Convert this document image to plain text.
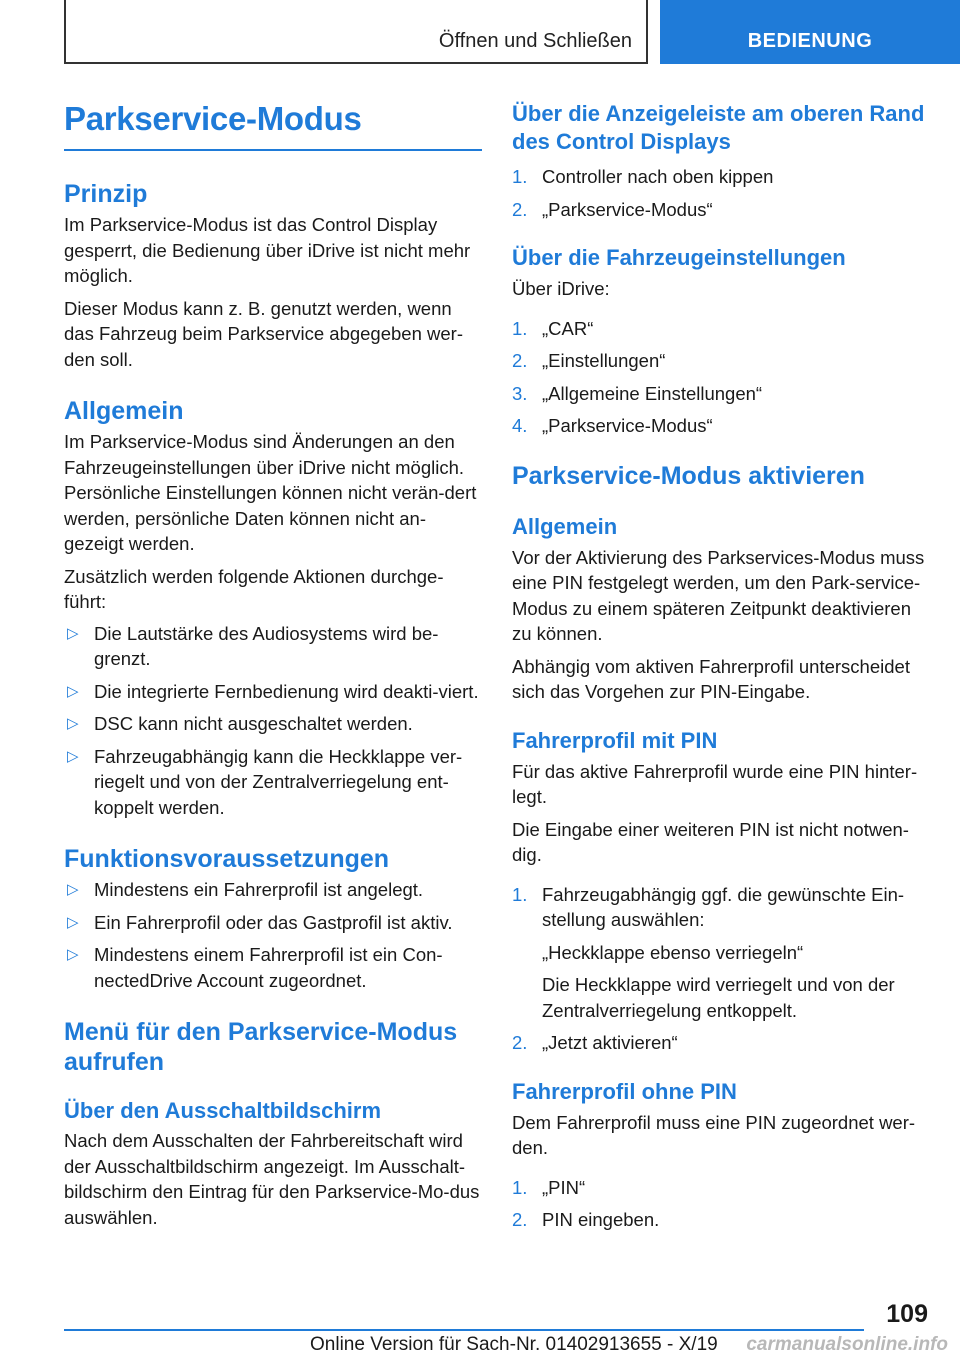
Öffnen und Schließen	BEDIENUNG
Parkservice-Modus
Prinzip

Im Parkservice-Modus ist das Control Display gesperrt, die Bedienung über iDrive ist nicht mehr möglich.

Dieser Modus kann z. B. genutzt werden, wenn das Fahrzeug beim Parkservice abgegeben wer‐den soll.

Allgemein

Im Parkservice-Modus sind Änderungen an den Fahrzeugeinstellungen über iDrive nicht möglich. Persönliche Einstellungen können nicht verän‐dert werden, persönliche Daten können nicht an‐gezeigt werden.

Zusätzlich werden folgende Aktionen durchge‐führt:

▷ Die Lautstärke des Audiosystems wird be‐grenzt.
▷ Die integrierte Fernbedienung wird deakti‐viert.
▷ DSC kann nicht ausgeschaltet werden.
▷ Fahrzeugabhängig kann die Heckklappe ver‐riegelt und von der Zentralverriegelung ent‐koppelt werden.
Funktionsvoraussetzungen
▷ Mindestens ein Fahrerprofil ist angelegt.
▷ Ein Fahrerprofil oder das Gastprofil ist aktiv.
▷ Mindestens einem Fahrerprofil ist ein Con‐nectedDrive Account zugeordnet.
Menü für den Parkservice-Modus aufrufen
Über den Ausschaltbildschirm

Nach dem Ausschalten der Fahrbereitschaft wird der Ausschaltbildschirm angezeigt. Im Ausschalt‐bildschirm den Eintrag für den Parkservice-Mo‐dus auswählen.

Über die Anzeigeleiste am oberen Rand des Control Displays
1. Controller nach oben kippen
2. „Parkservice-Modus“
Über die Fahrzeugeinstellungen

Über iDrive:

1. „CAR“
2. „Einstellungen“
3. „Allgemeine Einstellungen“
4. „Parkservice-Modus“
Parkservice-Modus aktivieren
Allgemein

Vor der Aktivierung des Parkservices-Modus muss eine PIN festgelegt werden, um den Park‐service-Modus zu einem späteren Zeitpunkt deaktivieren zu können.

Abhängig vom aktiven Fahrerprofil unterscheidet sich das Vorgehen zur PIN-Eingabe.

Fahrerprofil mit PIN

Für das aktive Fahrerprofil wurde eine PIN hinter‐legt.

Die Eingabe einer weiteren PIN ist nicht notwen‐dig.

1. Fahrzeugabhängig ggf. die gewünschte Ein‐stellung auswählen:
„Heckklappe ebenso verriegeln“
Die Heckklappe wird verriegelt und von der Zentralverriegelung entkoppelt.
2. „Jetzt aktivieren“
Fahrerprofil ohne PIN

Dem Fahrerprofil muss eine PIN zugeordnet wer‐den.

1. „PIN“
2. PIN eingeben.
109
Online Version für Sach-Nr. 01402913655 - X/19 carmanualsonline.info
